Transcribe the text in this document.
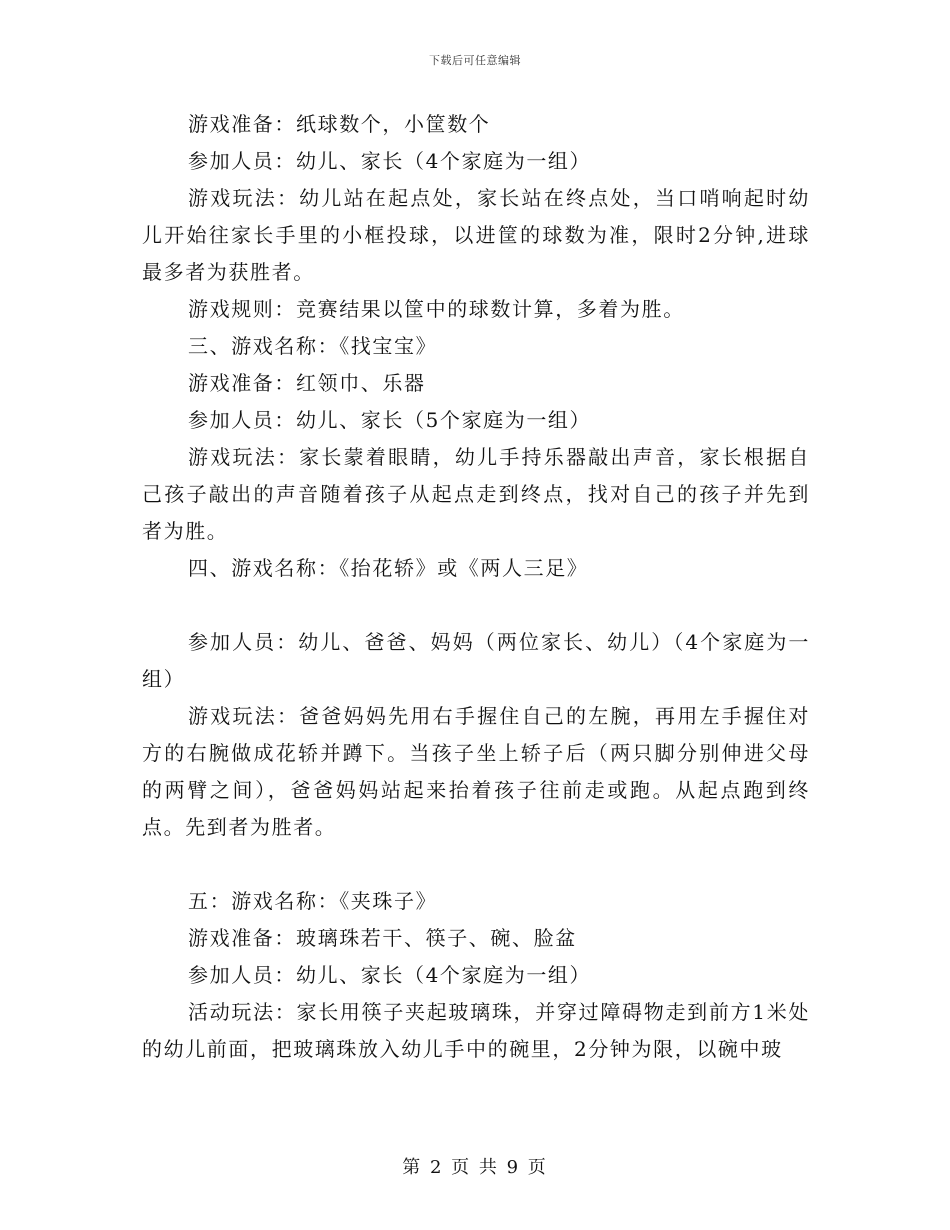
下载后可任意编辑

游戏准备：纸球数个，小筐数个

参加人员：幼儿、家长（4个家庭为一组）

游戏玩法：幼儿站在起点处，家长站在终点处，当口哨响起时幼儿开始往家长手里的小框投球，以进筐的球数为准，限时2分钟,进球最多者为获胜者。

游戏规则：竞赛结果以筐中的球数计算，多着为胜。

三、游戏名称：《找宝宝》

游戏准备：红领巾、乐器

参加人员：幼儿、家长（5个家庭为一组）

游戏玩法：家长蒙着眼睛，幼儿手持乐器敲出声音，家长根据自己孩子敲出的声音随着孩子从起点走到终点，找对自己的孩子并先到者为胜。

四、游戏名称：《抬花轿》或《两人三足》

参加人员：幼儿、爸爸、妈妈（两位家长、幼儿）（4个家庭为一组）

游戏玩法：爸爸妈妈先用右手握住自己的左腕，再用左手握住对方的右腕做成花轿并蹲下。当孩子坐上轿子后（两只脚分别伸进父母的两臂之间），爸爸妈妈站起来抬着孩子往前走或跑。从起点跑到终点。先到者为胜者。

五：游戏名称：《夹珠子》

游戏准备：玻璃珠若干、筷子、碗、脸盆

参加人员：幼儿、家长（4个家庭为一组）

活动玩法：家长用筷子夹起玻璃珠，并穿过障碍物走到前方1米处的幼儿前面，把玻璃珠放入幼儿手中的碗里，2分钟为限，以碗中玻

第 2 页 共 9 页
